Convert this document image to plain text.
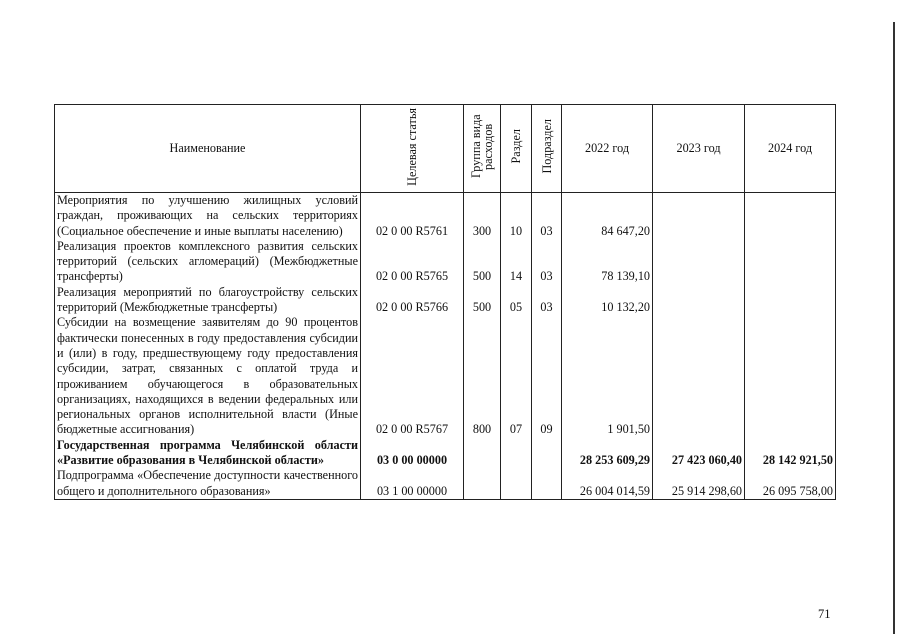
Наименование	Целевая статья	Группа вида расходов	Раздел	Подраздел	2022 год	2023 год	2024 год
Мероприятия по улучшению жилищных условий граждан, проживающих на сельских территориях (Социальное обеспечение и иные выплаты населению)	02 0 00 R5761	300	10	03	84 647,20		
Реализация проектов комплексного развития сельских территорий (сельских агломераций) (Межбюджетные трансферты)	02 0 00 R5765	500	14	03	78 139,10		
Реализация мероприятий по благоустройству сельских территорий (Межбюджетные трансферты)	02 0 00 R5766	500	05	03	10 132,20		
Субсидии на возмещение заявителям до 90 процентов фактически понесенных в году предоставления субсидии и (или) в году, предшествующему году предоставления субсидии, затрат, связанных с оплатой труда и проживанием обучающегося в образовательных организациях, находящихся в ведении федеральных или региональных органов исполнительной власти (Иные бюджетные ассигнования)	02 0 00 R5767	800	07	09	1 901,50		
Государственная программа Челябинской области «Развитие образования в Челябинской области»	03 0 00 00000				28 253 609,29	27 423 060,40	28 142 921,50
Подпрограмма «Обеспечение доступности качественного общего и дополнительного образования»	03 1 00 00000				26 004 014,59	25 914 298,60	26 095 758,00
71
